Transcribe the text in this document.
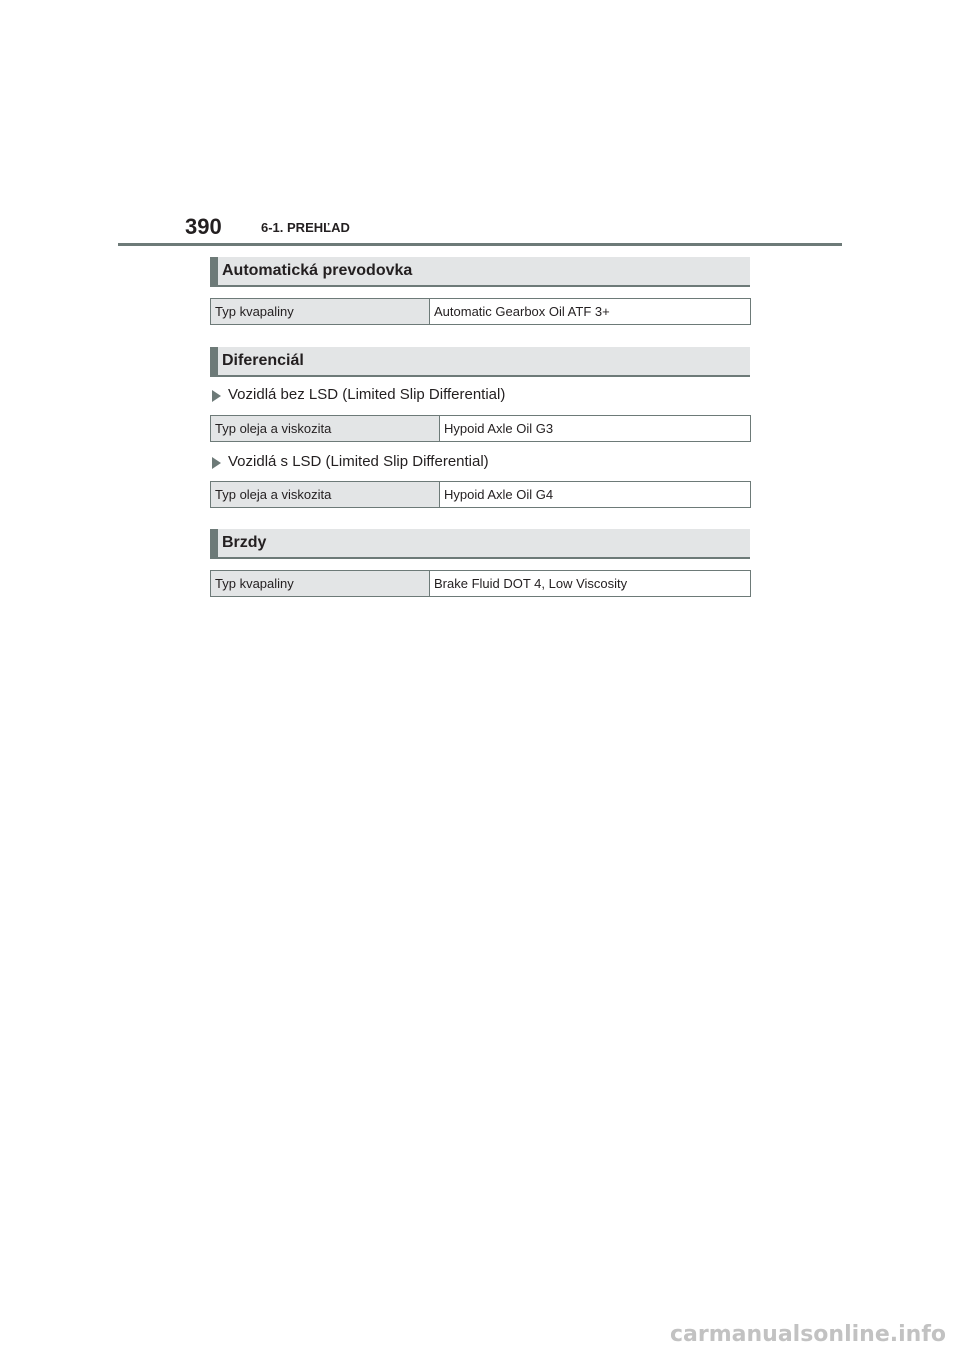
390	6-1. PREHĽAD
Automatická prevodovka
Typ kvapaliny	Automatic Gearbox Oil ATF 3+
Diferenciál
Vozidlá bez LSD (Limited Slip Differential)
Typ oleja a viskozita	Hypoid Axle Oil G3
Vozidlá s LSD (Limited Slip Differential)
Typ oleja a viskozita	Hypoid Axle Oil G4
Brzdy
Typ kvapaliny	Brake Fluid DOT 4, Low Viscosity
carmanualsonline.info
